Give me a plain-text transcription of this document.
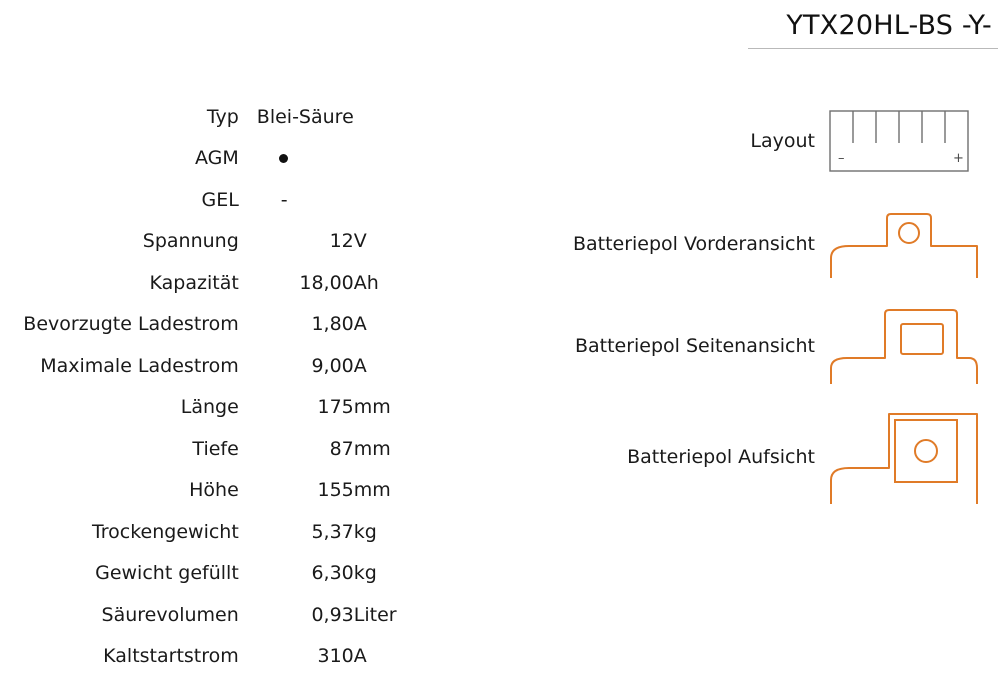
YTX20HL-BS -Y-
Typ	Blei-Säure	
AGM		
GEL	-	
Spannung	12	V
Kapazität	18,00	Ah
Bevorzugte Ladestrom	1,80	A
Maximale Ladestrom	9,00	A
Länge	175	mm
Tiefe	87	mm
Höhe	155	mm
Trockengewicht	5,37	kg
Gewicht gefüllt	6,30	kg
Säurevolumen	0,93	Liter
Kaltstartstrom	310	A
Layout
–	+
Batteriepol Vorderansicht
Batteriepol Seitenansicht
Batteriepol Aufsicht
